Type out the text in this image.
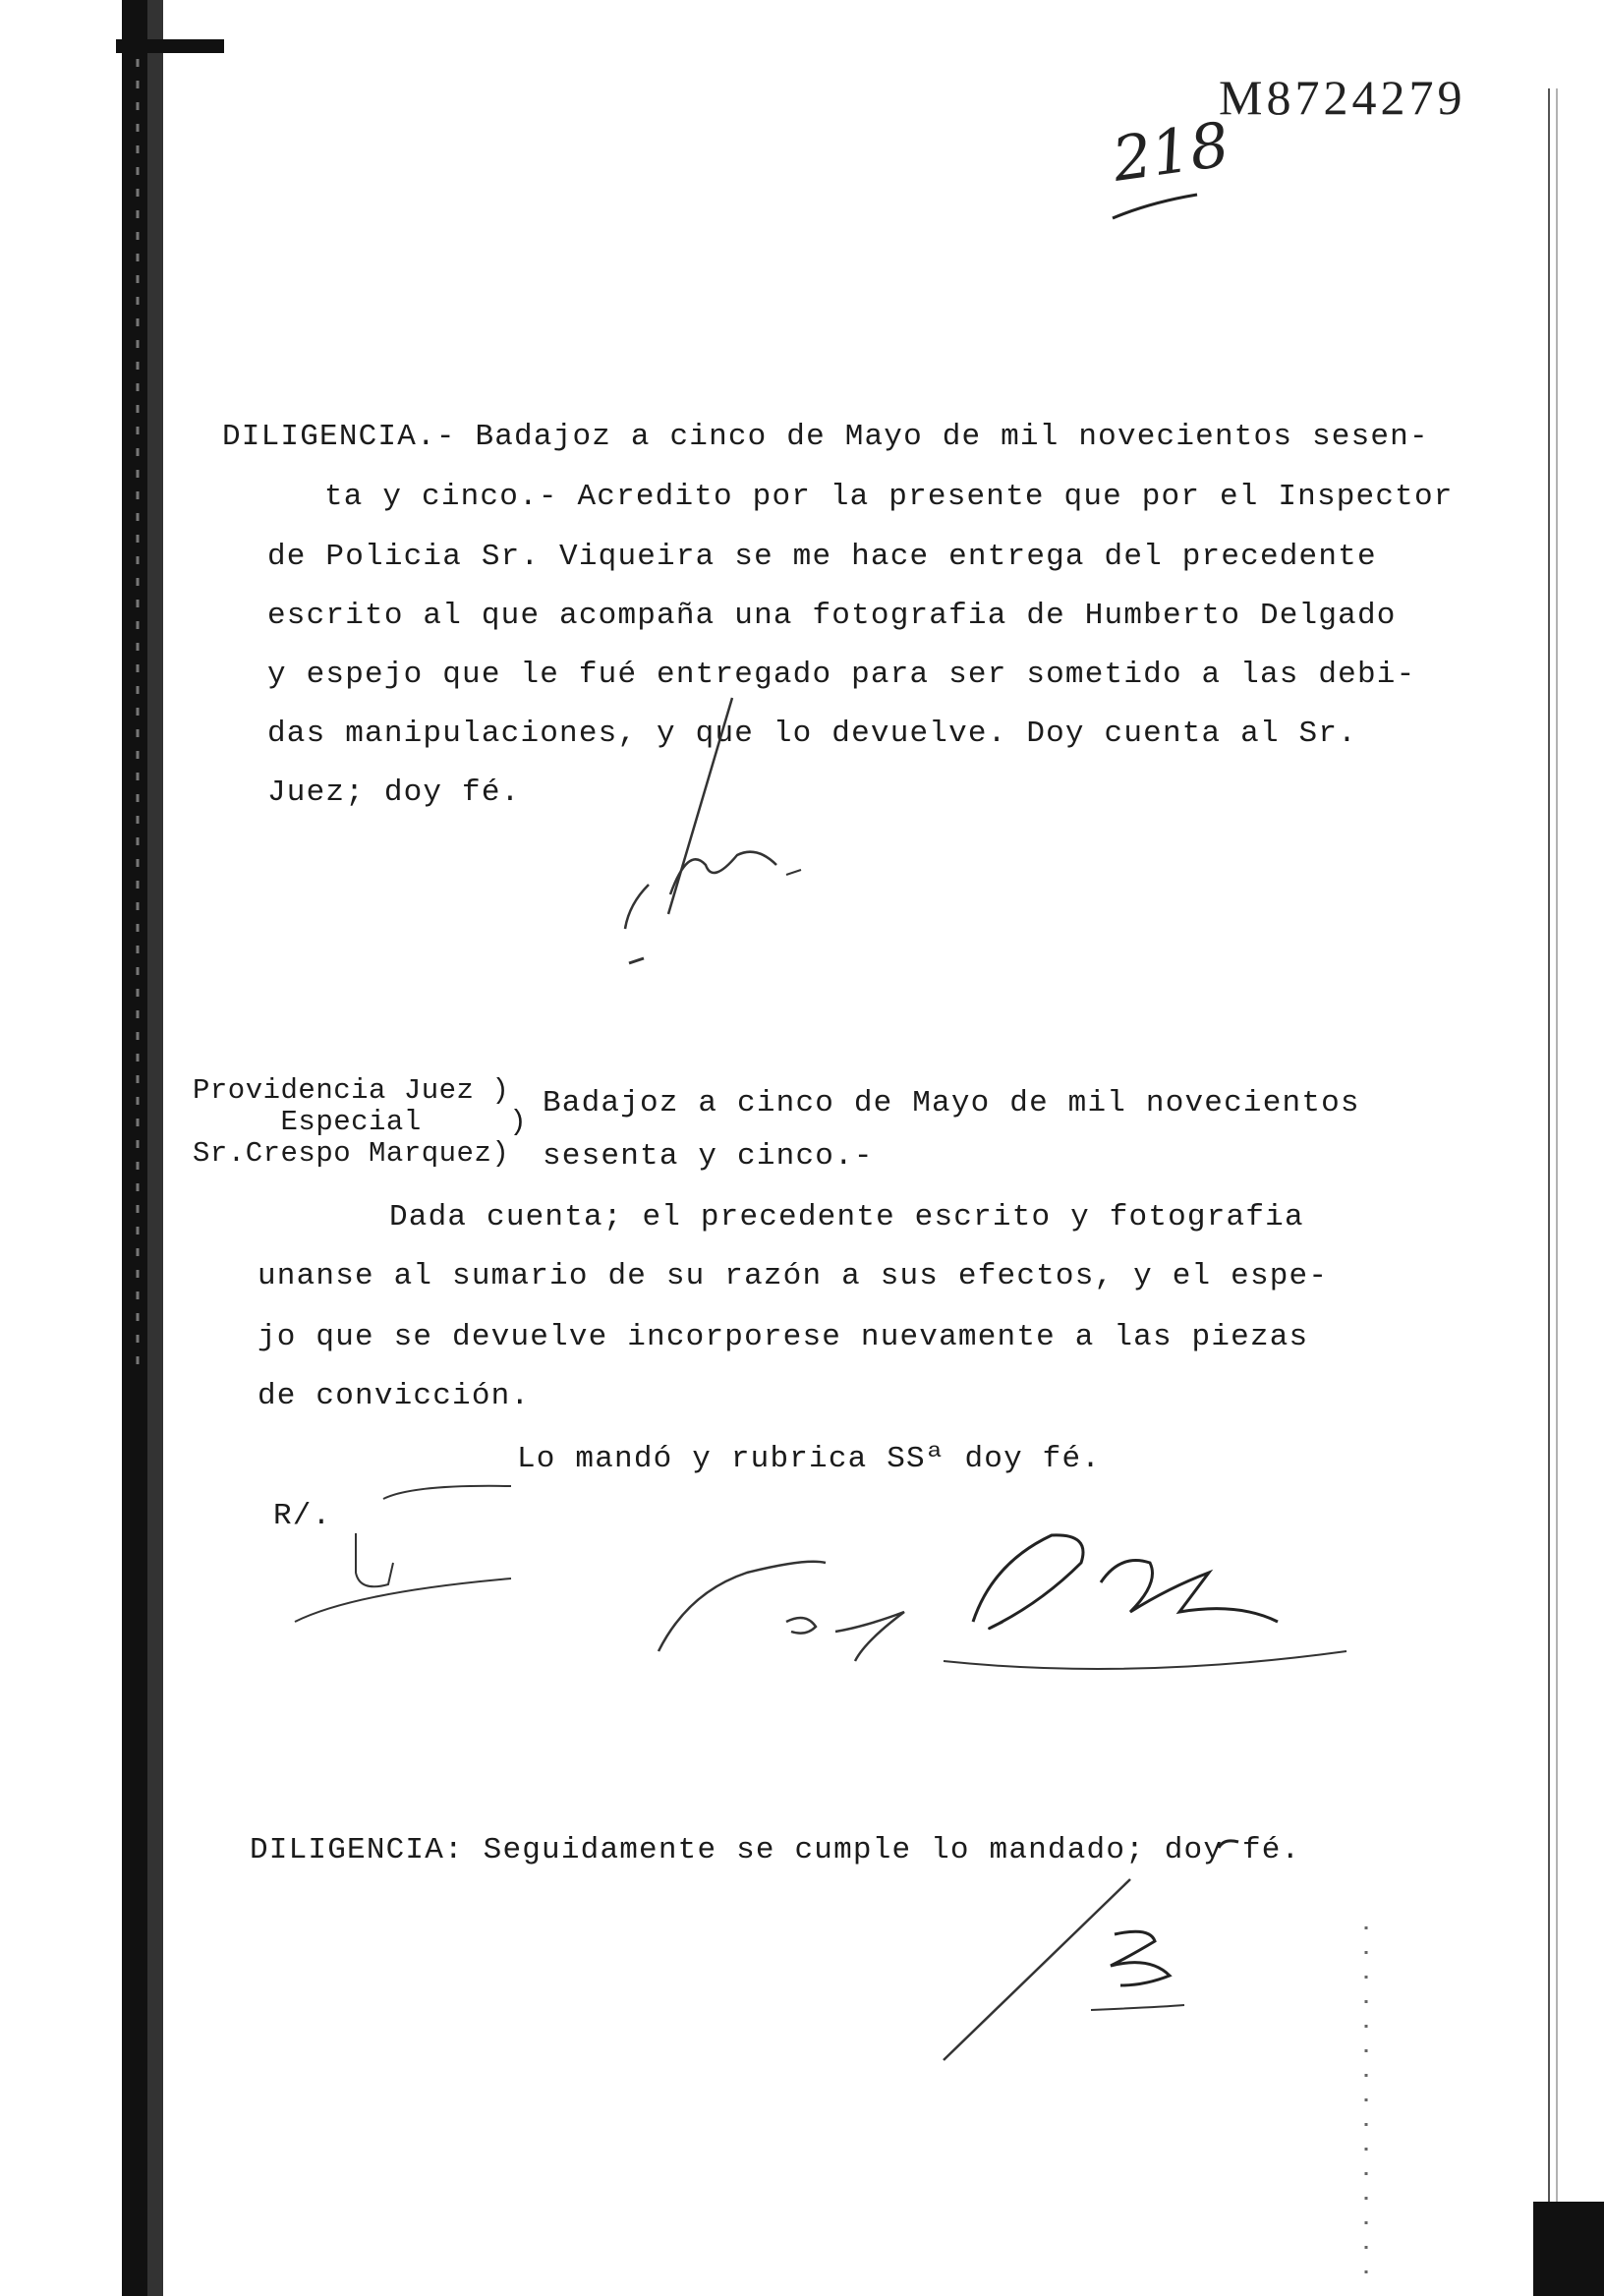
M8724279
218
DILIGENCIA.- Badajoz a cinco de Mayo de mil novecientos sesen-
ta y cinco.- Acredito por la presente que por el Inspector
de Policia Sr. Viqueira se me hace entrega del precedente
escrito al que acompaña una fotografia de Humberto Delgado
y espejo que le fué entregado para ser sometido a las debi-
das manipulaciones, y que lo devuelve. Doy cuenta al Sr.
Juez; doy fé.
Providencia Juez )
Especial     )
Sr.Crespo Marquez)
Badajoz a cinco de Mayo de mil novecientos
sesenta y cinco.-
Dada cuenta; el precedente escrito y fotografia
unanse al sumario de su razón a sus efectos, y el espe-
jo que se devuelve incorporese nuevamente a las piezas
de convicción.
Lo mandó y rubrica SSª doy fé.
R/.
DILIGENCIA: Seguidamente se cumple lo mandado; doy fé.
